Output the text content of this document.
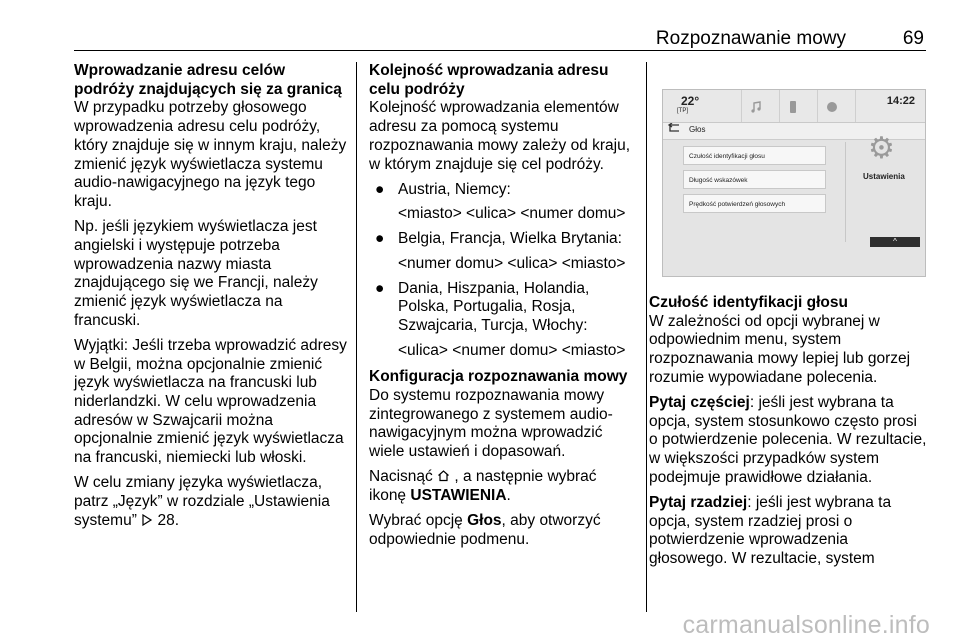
Rozpoznawanie mowy	69

Wprowadzanie adresu celów podróży znajdujących się za granicą

W przypadku potrzeby głosowego wprowadzenia adresu celu podróży, który znajduje się w innym kraju, należy zmienić język wyświetlacza systemu audio-nawigacyjnego na język tego kraju.

Np. jeśli językiem wyświetlacza jest angielski i występuje potrzeba wprowadzenia nazwy miasta znajdującego się we Francji, należy zmienić język wyświetlacza na francuski.

Wyjątki: Jeśli trzeba wprowadzić adresy w Belgii, można opcjonalnie zmienić język wyświetlacza na francuski lub niderlandzki. W celu wprowadzenia adresów w Szwajcarii można opcjonalnie zmienić język wyświetlacza na francuski, niemiecki lub włoski.

W celu zmiany języka wyświetlacza, patrz „Język” w rozdziale „Ustawienia systemu” 28.

Kolejność wprowadzania adresu celu podróży

Kolejność wprowadzania elementów adresu za pomocą systemu rozpoznawania mowy zależy od kraju, w którym znajduje się cel podróży.

● Austria, Niemcy:
<miasto> <ulica> <numer domu>
● Belgia, Francja, Wielka Brytania:
<numer domu> <ulica> <miasto>
● Dania, Hiszpania, Holandia, Polska, Portugalia, Rosja, Szwajcaria, Turcja, Włochy:
<ulica> <numer domu> <miasto>

Konfiguracja rozpoznawania mowy

Do systemu rozpoznawania mowy zintegrowanego z systemem audio-nawigacyjnym można wprowadzić wiele ustawień i dopasowań.

Nacisnąć , a następnie wybrać ikonę USTAWIENIA.

Wybrać opcję Głos, aby otworzyć odpowiednie podmenu.

22°
[TP]
14:22
Głos
Czułość identyfikacji głosu
Długość wskazówek
Prędkość potwierdzeń głosowych
⚙
Ustawienia
^

Czułość identyfikacji głosu

W zależności od opcji wybranej w odpowiednim menu, system rozpoznawania mowy lepiej lub gorzej rozumie wypowiadane polecenia.

Pytaj częściej: jeśli jest wybrana ta opcja, system stosunkowo często prosi o potwierdzenie polecenia. W rezultacie, w większości przypadków system podejmuje prawidłowe działania.

Pytaj rzadziej: jeśli jest wybrana ta opcja, system rzadziej prosi o potwierdzenie wprowadzenia głosowego. W rezultacie, system

carmanualsonline.info
